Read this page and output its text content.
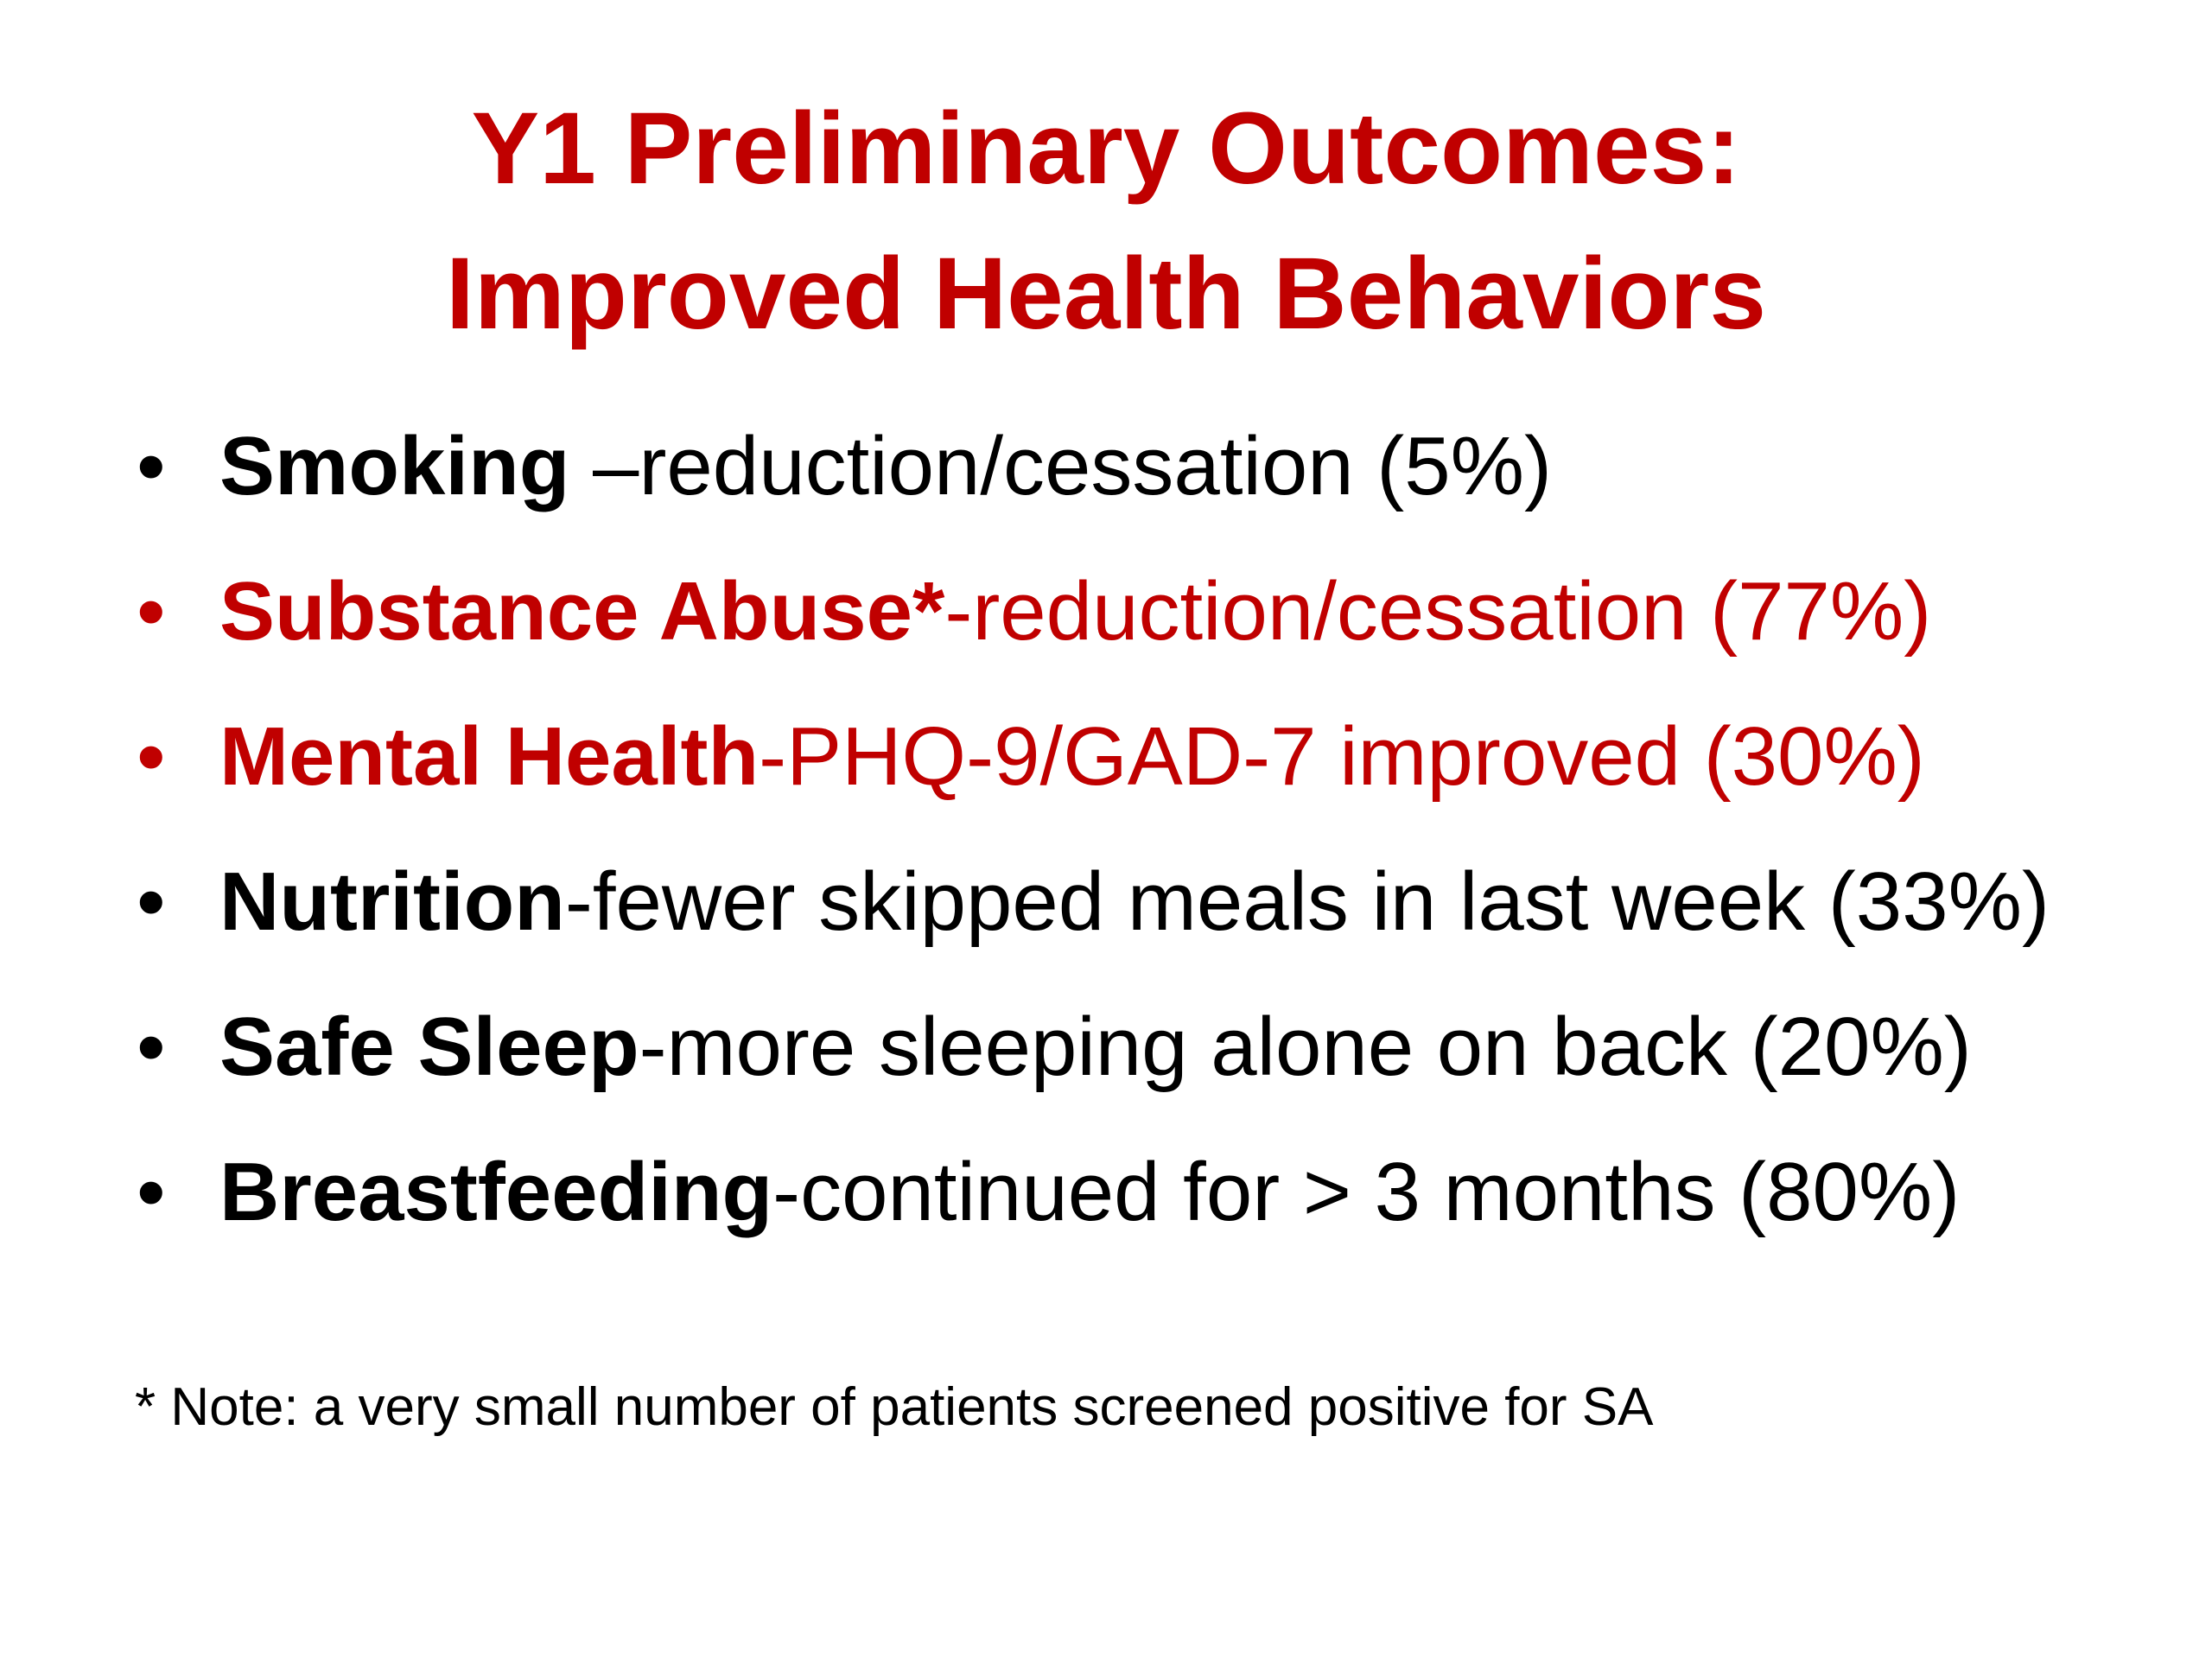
Y1 Preliminary Outcomes:
Improved Health Behaviors
• Smoking –reduction/cessation (5%)
• Substance Abuse*-reduction/cessation (77%)
• Mental Health-PHQ-9/GAD-7 improved (30%)
• Nutrition-fewer skipped meals in last week (33%)
• Safe Sleep-more sleeping alone on back (20%)
• Breastfeeding-continued for > 3 months (80%)

* Note: a very small number of patients screened positive for SA
